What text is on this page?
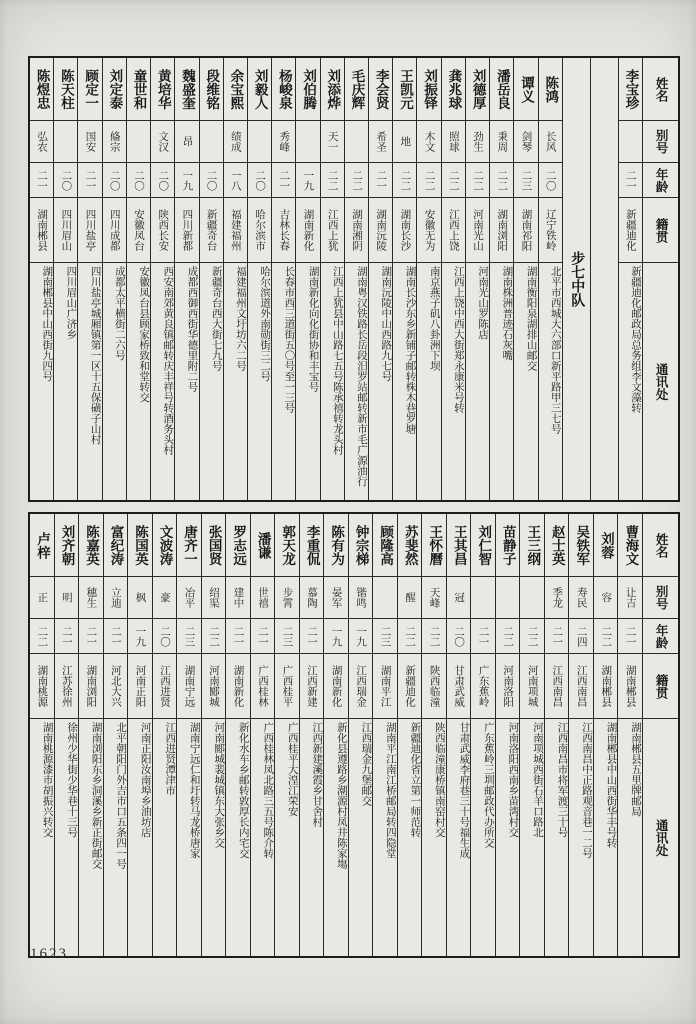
姓名
别号
年龄
籍贯
通讯处
李宝珍
二一
新疆迪化
新疆迪化邮政局总务组李文藻转
步七中队
陈鸿
长风
二〇
辽宁铁岭
北平市西城大六部口新平路甲三七号
谭义
剑琴
二三
湖南祁阳
湖南衡阳泉湖排山邮交
潘岳良
秉周
二二
湖南浏阳
湖南株洲普迹石灰嘴
刘德厚
劲生
二二
河南光山
河南光山罗陈店
龚兆球
照球
二二
江西上饶
江西上饶中西大街郑永康米号转
刘振铎
木文
二二
安徽无为
南京燕子矶八卦洲下坝
王凯元
地
二二
湖南长沙
湖南长沙东乡新铺子邮转株木巷罗塘
李会贤
希圣
二一
湖南沅陵
湖南沅陵中山西路九七号
毛庆辉
二二
湖南湘阴
湖南粤汉铁路长岳段汨罗站邮转新市毛广源油行
刘添烨
天一
二二
江西上犹
江西上犹县中山路七五号陈承禧转龙头村
刘伯腾
一九
湖南新化
湖南新化向化街协和丰宝号
杨峻泉
秀峰
二一
吉林长春
长春市西三道街五〇号至一三号
刘毅人
二〇
哈尔滨市
哈尔滨道外南勋街三二号
余宝熙
绩成
一八
福建福州
福建福州文圩坊六二号
段维铭
二〇
新疆奇台
新疆奇台西大街七九号
魏盛奎
昂
一九
四川新都
成都西御西街华德里附二号
黄培华
文汉
二〇
陕西长安
西安南郊黄良镇邮转庆丰祥号转酒务头村
童世和
二〇
安徽凤台
安徽凤台县顾家桥致和堂转交
刘定泰
偹宗
二〇
四川成都
成都太平横街二六号
顾定一
国安
二一
四川盐亭
四川盐亭城厢镇第一区十五保磺子山村
陈天柱
二〇
四川眉山
四川眉山广济乡
陈煜忠
弘农
二一
湖南郴县
湖南郴县中山西街九四号
姓名
别号
年龄
籍贯
通讯处
曹海文
让吉
二一
湖南郴县
湖南郴县五里牌邮局
刘蓉
容
二二
湖南郴县
湖南郴县中山西街华丰号转
吴铁军
寿民
二四
江西南昌
江西南昌中正路观音巷一二号
赵士英
季龙
二一
江西南昌
江西南昌市将军渡三十号
王三纲
二二
河南项城
河南项城西街石羊口路北
苗静子
二二
河南洛阳
河南洛阳西南乡苗湾村交
刘仁智
二一
广东蕉岭
广东蕉岭三圳邮政代办所交
王其昌
冠
二〇
甘肃武威
甘肃武威李府巷三十号福生成
王怀曆
天峰
二二
陕西临潼
陕西临潼康桥镇南窑村交
苏斐然
醒
二二
新疆迪化
新疆迪化省立第一师范转
顾隆高
二三
湖南平江
湖南平江南江桥邮局转四隐堂
钟宗梯
锴鸣
一九
江西瑞金
江西瑞金九堡邮交
陈有为
晏军
一九
湖南新化
新化县遵路乡潮源村凤井陈家塲
李重侃
慕陶
二一
江西新建
江西新建溪霞乡甘舍村
郭天龙
步霄
二三
广西桂平
广西桂平大湟江荣安
潘谦
世禧
二一
广西桂林
广西桂林凤北路三五号陈介转
罗志远
建中
二一
湖南新化
新化水车乡邮转敦厚长内宅交
张国贤
绍渠
二二
河南郾城
河南郾城裴城镇东大张乡交
唐齐一
冶平
二三
湖南宁远
湖南宁远仁和圩转马龙桥唐家
文波涛
豪
二〇
江西进贤
江西进贤潭津市
陈国英
枫
一九
河南正阳
河南正阳汝南埠乡油坊店
富纪涛
立迪
二一
河北大兴
北平朝阳门外吉市口五条四一号
陈嘉英
穗生
二一
湖南浏阳
湖南浏阳东乡洞溪乡新正街邮交
刘齐朝
明
二一
江苏徐州
徐州少华街少华巷十三号
卢梓
正
二二
湖南桃源
湖南桃源漆市胡振兴转交
1623
